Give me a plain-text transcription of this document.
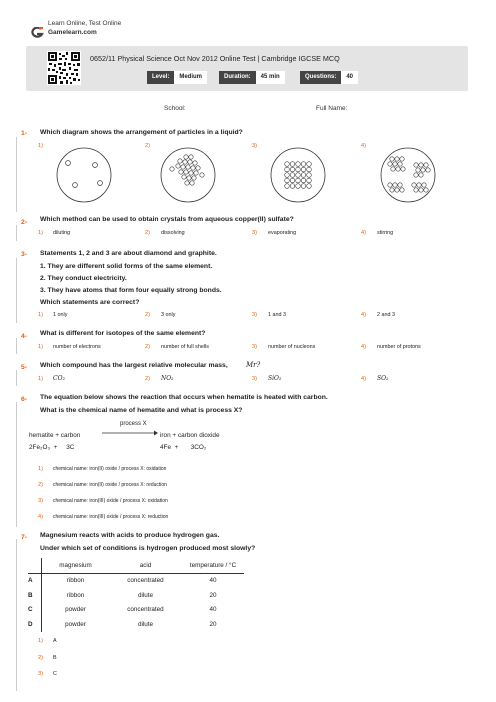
Learn Online, Test Online
Gamelearn.com
0652/11 Physical Science Oct Nov 2012 Online Test | Cambridge IGCSE MCQ
Level: Medium	Duration: 45 min	Questions: 40
School:	Full Name:
1- Which diagram shows the arrangement of particles in a liquid?
1)	2)	3)	4)
2- Which method can be used to obtain crystals from aqueous copper(II) sulfate?
1) diluting	2) dissolving	3) evaporating	4) stirring
3- Statements 1, 2 and 3 are about diamond and graphite.
1. They are different solid forms of the same element.
2. They conduct electricity.
3. They have atoms that form four equally strong bonds.
Which statements are correct?
1) 1 only	2) 3 only	3) 1 and 3	4) 2 and 3
4- What is different for isotopes of the same element?
1) number of electrons	2) number of full shells	3) number of nucleons	4) number of protons
5- Which compound has the largest relative molecular mass,	Mr?
1) CO₂	2) NO₂	3) SiO₂	4) SO₂
6- The equation below shows the reaction that occurs when hematite is heated with carbon.
What is the chemical name of hematite and what is process X?
process X
hematite + carbon	iron + carbon dioxide
2Fe₂O₃  +     3C	4Fe  +       3CO₂
1) chemical name: iron(II) oxide / process X: oxidation
2) chemical name: iron(II) oxide / process X: reduction
3) chemical name: iron(III) oxide / process X: oxidation
4) chemical name: iron(III) oxide / process X: reduction
7- Magnesium reacts with acids to produce hydrogen gas.
Under which set of conditions is hydrogen produced most slowly?
	magnesium	acid	temperature / °C
A	ribbon	concentrated	40
B	ribbon	dilute	20
C	powder	concentrated	40
D	powder	dilute	20
1) A
2) B
3) C
